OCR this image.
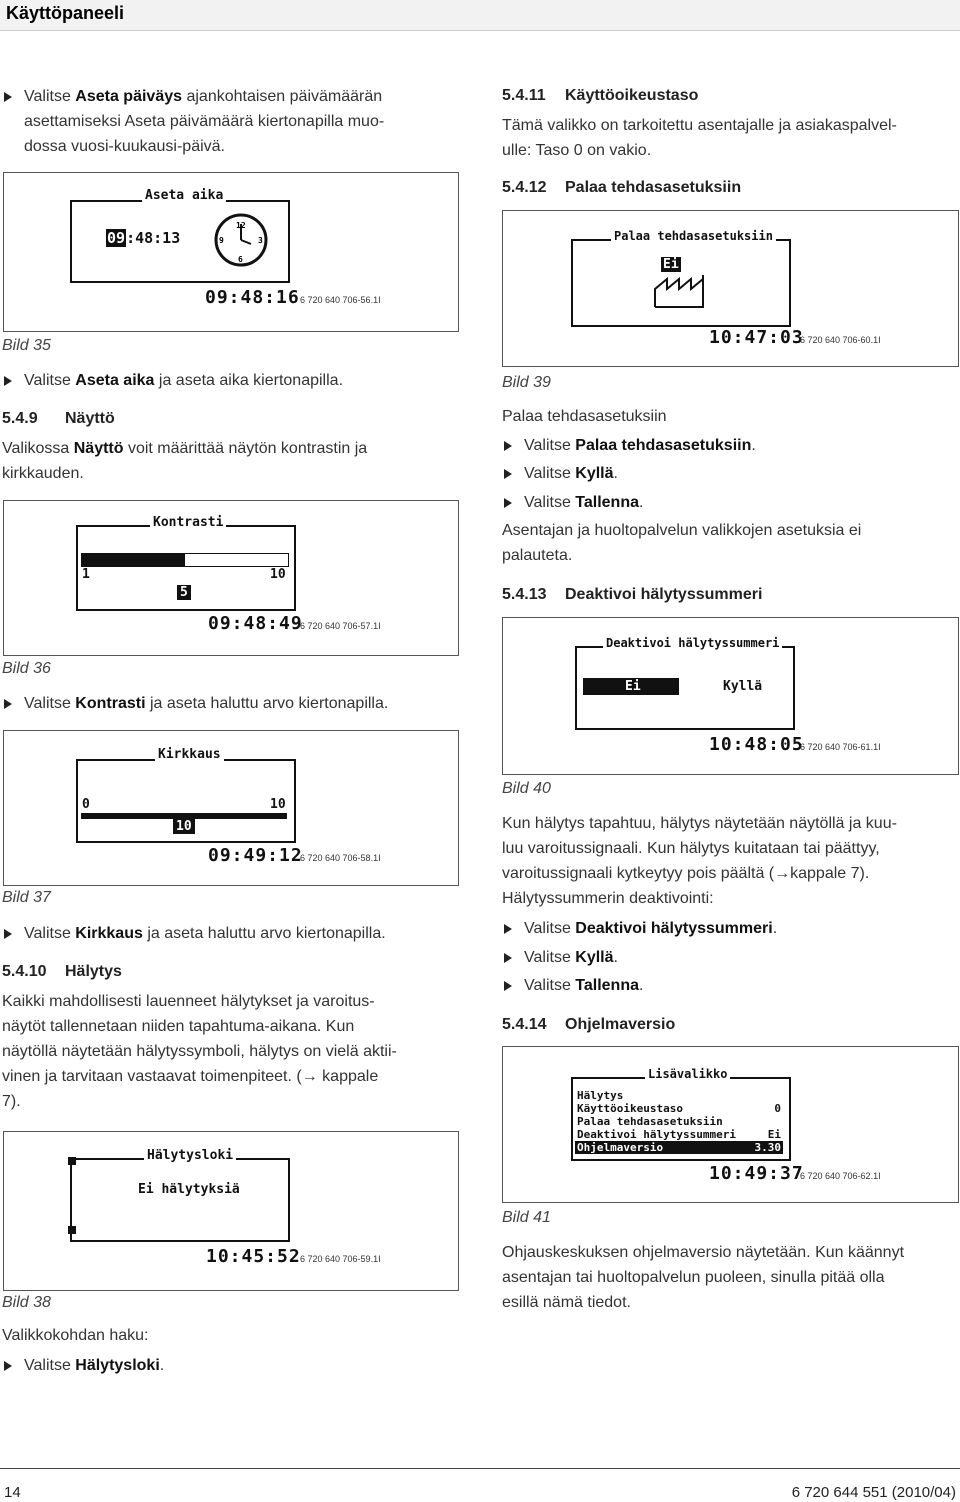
Käyttöpaneeli
Valitse Aseta päiväys ajankohtaisen päivämäärän
asettamiseksi Aseta päivämäärä kiertonapilla muo-
dossa vuosi-kuukausi-päivä.
Aseta aika
09:48:13
12
3
6
9
09:48:16 6 720 640 706-56.1I
Bild 35
Valitse Aseta aika ja aseta aika kiertonapilla.
5.4.9 Näyttö
Valikossa Näyttö voit määrittää näytön kontrastin ja
kirkkauden.
Kontrasti
1	10
5
09:48:49
6 720 640 706-57.1I
Bild 36
Valitse Kontrasti ja aseta haluttu arvo kiertonapilla.
Kirkkaus
0	10
10
09:49:12
6 720 640 706-58.1I
Bild 37
Valitse Kirkkaus ja aseta haluttu arvo kiertonapilla.
5.4.10 Hälytys
Kaikki mahdollisesti lauenneet hälytykset ja varoitus-
näytöt tallennetaan niiden tapahtuma-aikana. Kun
näytöllä näytetään hälytyssymboli, hälytys on vielä aktii-
vinen ja tarvitaan vastaavat toimenpiteet. (→ kappale
7).
Hälytysloki
Ei hälytyksiä
10:45:52 6 720 640 706-59.1I
Bild 38
Valikkokohdan haku:
Valitse Hälytysloki.
5.4.11 Käyttöoikeustaso
Tämä valikko on tarkoitettu asentajalle ja asiakaspalvel-
ulle: Taso 0 on vakio.
5.4.12 Palaa tehdasasetuksiin
Palaa tehdasasetuksiin
Ei
10:47:03
6 720 640 706-60.1I
Bild 39
Palaa tehdasasetuksiin
Valitse Palaa tehdasasetuksiin.
Valitse Kyllä.
Valitse Tallenna.
Asentajan ja huoltopalvelun valikkojen asetuksia ei
palauteta.
5.4.13 Deaktivoi hälytyssummeri
Deaktivoi hälytyssummeri
Ei	Kyllä
10:48:05
6 720 640 706-61.1I
Bild 40
Kun hälytys tapahtuu, hälytys näytetään näytöllä ja kuu-
luu varoitussignaali. Kun hälytys kuitataan tai päättyy,
varoitussignaali kytkeytyy pois päältä (→kappale 7).
Hälytyssummerin deaktivointi:
Valitse Deaktivoi hälytyssummeri.
Valitse Kyllä.
Valitse Tallenna.
5.4.14 Ohjelmaversio
Lisävalikko
Hälytys
Käyttöoikeustaso	0
Palaa tehdasasetuksiin
Deaktivoi hälytyssummeri	Ei
Ohjelmaversio	3.30
10:49:37
6 720 640 706-62.1I
Bild 41
Ohjauskeskuksen ohjelmaversio näytetään. Kun käännyt
asentajan tai huoltopalvelun puoleen, sinulla pitää olla
esillä nämä tiedot.
14	6 720 644 551 (2010/04)
